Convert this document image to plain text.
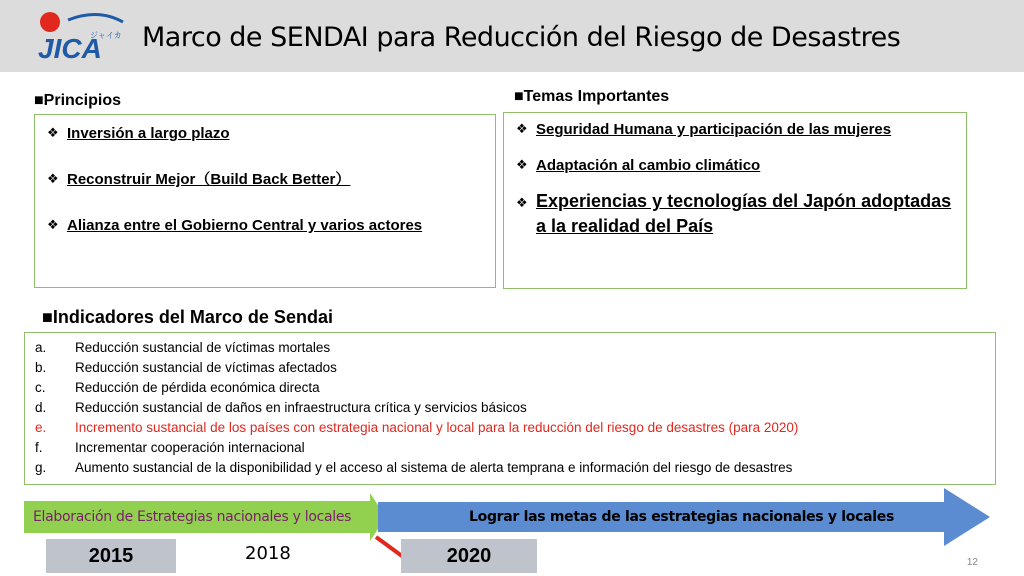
JICA
ジャイカ Marco de SENDAI para Reducción del Riesgo de Desastres
■Principios
❖ Inversión a largo plazo
❖ Reconstruir Mejor（Build Back Better）
❖ Alianza entre el Gobierno Central y varios actores
■Temas Importantes
❖ Seguridad Humana y participación de las mujeres
❖ Adaptación al cambio climático
❖ Experiencias y tecnologías del Japón adoptadas a la realidad del País
■Indicadores del Marco de Sendai
a.	Reducción sustancial de víctimas mortales
b.	Reducción sustancial de víctimas afectados
c.	Reducción de pérdida económica directa
d.	Reducción sustancial de daños en infraestructura crítica y servicios básicos
e.	Incremento sustancial de los países con estrategia nacional y local para la reducción del riesgo de desastres (para 2020)
f.	Incrementar cooperación internacional
g.	Aumento sustancial de la disponibilidad y el acceso al sistema de alerta temprana e información del riesgo de desastres
Elaboración de Estrategias nacionales y locales	Lograr las metas de las estrategias nacionales y locales
2015	2018	2020	12
